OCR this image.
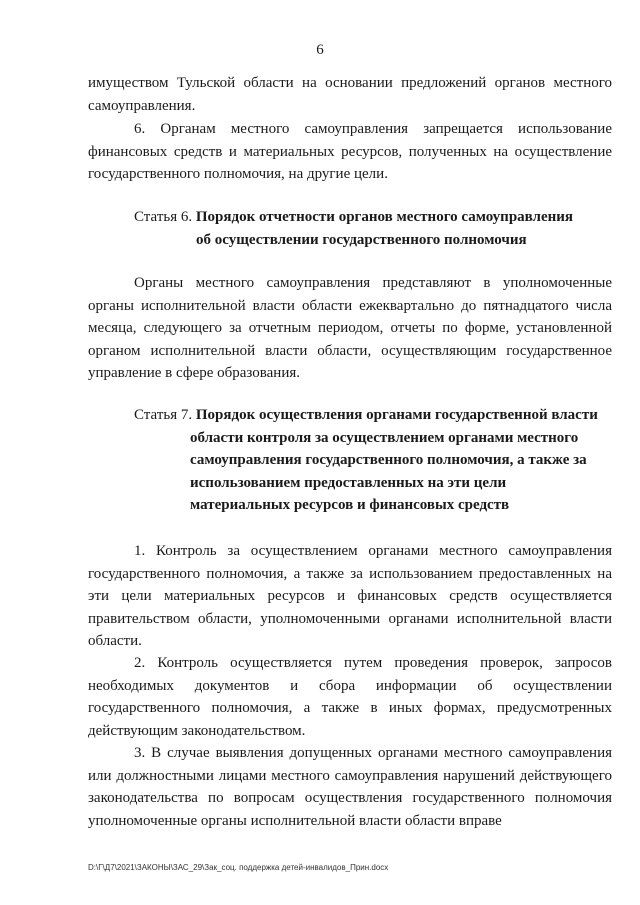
6

имуществом Тульской области на основании предложений органов местного самоуправления.

6. Органам местного самоуправления запрещается использование финансовых средств и материальных ресурсов, полученных на осуществление государственного полномочия, на другие цели.

Статья 6. Порядок отчетности органов местного самоуправления
об осуществлении государственного полномочия

Органы местного самоуправления представляют в уполномоченные органы исполнительной власти области ежеквартально до пятнадцатого числа месяца, следующего за отчетным периодом, отчеты по форме, установленной органом исполнительной власти области, осуществляющим государственное управление в сфере образования.

Статья 7. Порядок осуществления органами государственной власти
области контроля за осуществлением органами местного
самоуправления государственного полномочия, а также за
использованием предоставленных на эти цели
материальных ресурсов и финансовых средств

1. Контроль за осуществлением органами местного самоуправления государственного полномочия, а также за использованием предоставленных на эти цели материальных ресурсов и финансовых средств осуществляется правительством области, уполномоченными органами исполнительной власти области.

2. Контроль осуществляется путем проведения проверок, запросов необходимых документов и сбора информации об осуществлении государственного полномочия, а также в иных формах, предусмотренных действующим законодательством.

3. В случае выявления допущенных органами местного самоуправления или должностными лицами местного самоуправления нарушений действующего законодательства по вопросам осуществления государственного полномочия уполномоченные органы исполнительной власти области вправе

D:\Г\Д7\2021\ЗАКОНЫ\ЗАС_29\Зак_соц. поддержка детей-инвалидов_Прин.docx
